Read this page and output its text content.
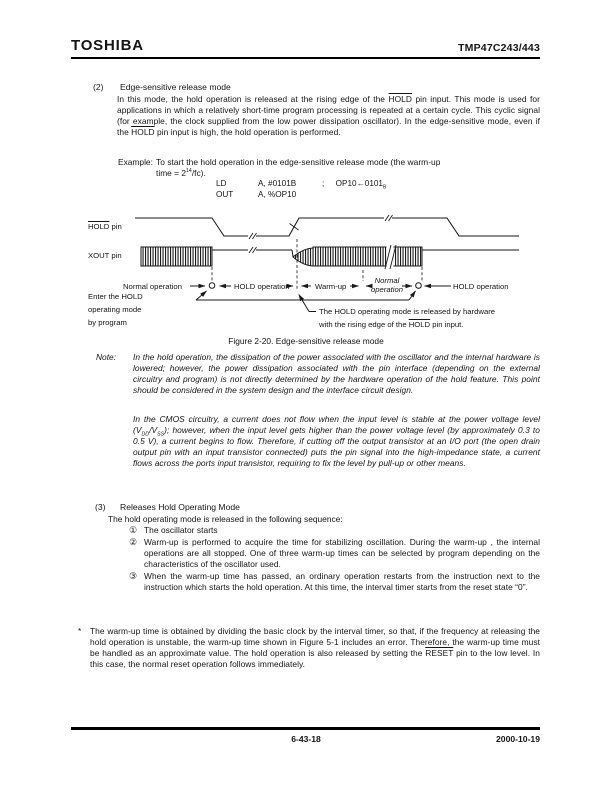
TOSHIBA	TMP47C243/443
(2) Edge-sensitive release mode
In this mode, the hold operation is released at the rising edge of the HOLD pin input. This mode is used for applications in which a relatively short-time program processing is repeated at a certain cycle. This cyclic signal (for example, the clock supplied from the low power dissipation oscillator). In the edge-sensitive mode, even if the HOLD pin input is high, the hold operation is performed.
Example: To start the hold operation in the edge-sensitive release mode (the warm-up
time = $2^{14}/fc$).
LD	A, #0101B	;     $OP10\leftarrow 0101_B$
OUT	A, %OP10
HOLD pin
XOUT pin
Normal operation	HOLD operation	Warm-up
Normal
operation	HOLD operation
Enter the HOLD
operating mode
by program
The HOLD operating mode is released by hardware
with the rising edge of the HOLD pin input.
Figure 2-20. Edge-sensitive release mode
Note: In the hold operation, the dissipation of the power associated with the oscillator and the internal hardware is lowered; however, the power dissipation associated with the pin interface (depending on the external circuitry and program) is not directly determined by the hardware operation of the hold feature. This point should be considered in the system design and the interface circuit design.
In the CMOS circuitry, a current does not flow when the input level is stable at the power voltage level $(V_{DD}/V_{SS})$; however, when the input level gets higher than the power voltage level (by approximately 0.3 to 0.5 V), a current begins to flow. Therefore, if cutting off the output transistor at an I/O port (the open drain output pin with an input transistor connected) puts the pin signal into the high-impedance state, a current flows across the ports input transistor, requiring to fix the level by pull-up or other means.
(3) Releases Hold Operating Mode
The hold operating mode is released in the following sequence:
① The oscillator starts
② Warm-up is performed to acquire the time for stabilizing oscillation. During the warm-up , the internal operations are all stopped. One of three warm-up times can be selected by program depending on the characteristics of the oscillator used.
③ When the warm-up time has passed, an ordinary operation restarts from the instruction next to the instruction which starts the hold operation. At this time, the interval timer starts from the reset state “0”.
* The warm-up time is obtained by dividing the basic clock by the interval timer, so that, if the frequency at releasing the hold operation is unstable, the warm-up time shown in Figure 5-1 includes an error. Therefore, the warm-up time must be handled as an approximate value. The hold operation is also released by setting the RESET pin to the low level. In this case, the normal reset operation follows immediately.
6-43-18	2000-10-19
